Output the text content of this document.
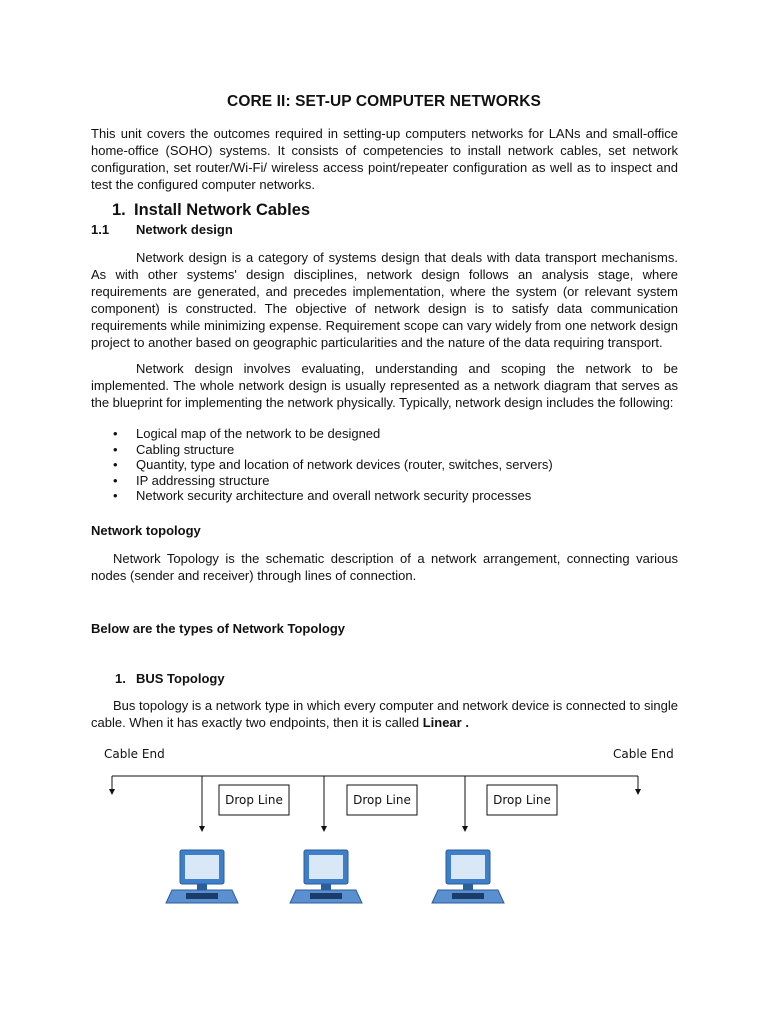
CORE II: SET-UP COMPUTER NETWORKS

This unit covers the outcomes required in setting-up computers networks for LANs and small-office home-office (SOHO) systems. It consists of competencies to install network cables, set network configuration, set router/Wi-Fi/ wireless access point/repeater configuration as well as to inspect and test the configured computer networks.

1. Install Network Cables
1.1 Network design

Network design is a category of systems design that deals with data transport mechanisms. As with other systems' design disciplines, network design follows an analysis stage, where requirements are generated, and precedes implementation, where the system (or relevant system component) is constructed. The objective of network design is to satisfy data communication requirements while minimizing expense. Requirement scope can vary widely from one network design project to another based on geographic particularities and the nature of the data requiring transport.

Network design involves evaluating, understanding and scoping the network to be implemented. The whole network design is usually represented as a network diagram that serves as the blueprint for implementing the network physically. Typically, network design includes the following:

• Logical map of the network to be designed
• Cabling structure
• Quantity, type and location of network devices (router, switches, servers)
• IP addressing structure
• Network security architecture and overall network security processes
Network topology

Network Topology is the schematic description of a network arrangement, connecting various nodes (sender and receiver) through lines of connection.

Below are the types of Network Topology
1. BUS Topology

Bus topology is a network type in which every computer and network device is connected to single cable. When it has exactly two endpoints, then it is called Linear .

Cable End	Cable End
Drop Line	Drop Line	Drop Line
